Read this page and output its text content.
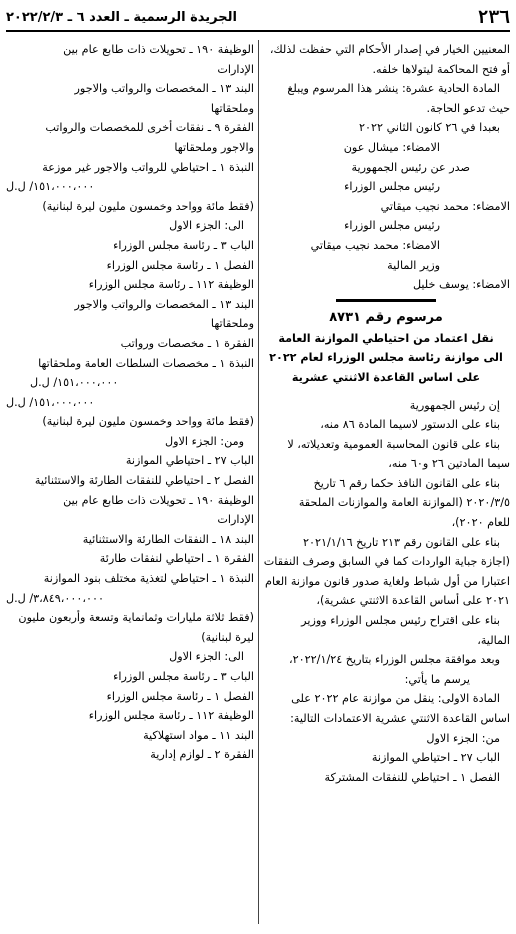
٢٣٦
الجريدة الرسمية ـ العدد ٦ ـ ٢٠٢٢/٢/٣
المعنيين الخيار في إصدار الأحكام التي حفظت لذلك،
أو فتح المحاكمة ليتولاها خلفه.
المادة الحادية عشرة: ينشر هذا المرسوم ويبلغ
حيث تدعو الحاجة.
بعبدا في ٢٦ كانون الثاني ٢٠٢٢
الامضاء: ميشال عون
صدر عن رئيس الجمهورية
رئيس مجلس الوزراء
الامضاء: محمد نجيب ميقاتي
رئيس مجلس الوزراء
الامضاء: محمد نجيب ميقاتي
وزير المالية
الامضاء: يوسف خليل
مرسوم رقم ٨٧٣١
نقل اعتماد من احتياطي الموازنة العامة
الى موازنة رئاسة مجلس الوزراء لعام ٢٠٢٢
على اساس القاعدة الاثنتي عشرية
إن رئيس الجمهورية
بناء على الدستور لاسيما المادة ٨٦ منه،
بناء على قانون المحاسبة العمومية وتعديلاته، لا
سيما المادتين ٢٦ و٦٠ منه،
بناء على القانون النافذ حكما رقم ٦ تاريخ
٢٠٢٠/٣/٥ (الموازنة العامة والموازنات الملحقة
للعام ٢٠٢٠)،
بناء على القانون رقم ٢١٣ تاريخ ٢٠٢١/١/١٦
(اجازة جباية الواردات كما في السابق وصرف النفقات
اعتبارا من أول شباط ولغاية صدور قانون موازنة العام
٢٠٢١ على أساس القاعدة الاثنتي عشرية)،
بناء على اقتراح رئيس مجلس الوزراء ووزير
المالية،
وبعد موافقة مجلس الوزراء بتاريخ ٢٠٢٢/١/٢٤،
يرسم ما يأتي:
المادة الاولى: ينقل من موازنة عام ٢٠٢٢ على
اساس القاعدة الاثنتي عشرية الاعتمادات التالية:
من: الجزء الاول
الباب ٢٧ ـ احتياطي الموازنة
الفصل ١ ـ احتياطي للنفقات المشتركة
الوظيفة ١٩٠ ـ تحويلات ذات طابع عام بين
الإدارات
البند ١٣ ـ المخصصات والرواتب والاجور
وملحقاتها
الفقرة ٩ ـ نفقات أخرى للمخصصات والرواتب
والاجور وملحقاتها
النبذة ١ ـ احتياطي للرواتب والاجور غير موزعة
١٥١،٠٠٠،٠٠٠/ ل.ل
(فقط مائة وواحد وخمسون مليون ليرة لبنانية)
الى: الجزء الاول
الباب ٣ ـ رئاسة مجلس الوزراء
الفصل ١ ـ رئاسة مجلس الوزراء
الوظيفة ١١٢ ـ رئاسة مجلس الوزراء
البند ١٣ ـ المخصصات والرواتب والاجور
وملحقاتها
الفقرة ١ ـ مخصصات ورواتب
النبذة ١ ـ مخصصات السلطات العامة وملحقاتها
١٥١،٠٠٠،٠٠٠/ ل.ل
١٥١،٠٠٠،٠٠٠/ ل.ل
(فقط مائة وواحد وخمسون مليون ليرة لبنانية)
ومن: الجزء الاول
الباب ٢٧ ـ احتياطي الموازنة
الفصل ٢ ـ احتياطي للنفقات الطارئة والاستثنائية
الوظيفة ١٩٠ ـ تحويلات ذات طابع عام بين
الإدارات
البند ١٨ ـ النفقات الطارئة والاستثنائية
الفقرة ١ ـ احتياطي لنفقات طارئة
النبذة ١ ـ احتياطي لتغذية مختلف بنود الموازنة
٣،٨٤٩،٠٠٠،٠٠٠/ ل.ل
(فقط ثلاثة مليارات وثمانماية وتسعة وأربعون مليون
ليرة لبنانية)
الى: الجزء الاول
الباب ٣ ـ رئاسة مجلس الوزراء
الفصل ١ ـ رئاسة مجلس الوزراء
الوظيفة ١١٢ ـ رئاسة مجلس الوزراء
البند ١١ ـ مواد استهلاكية
الفقرة ٢ ـ لوازم إدارية
